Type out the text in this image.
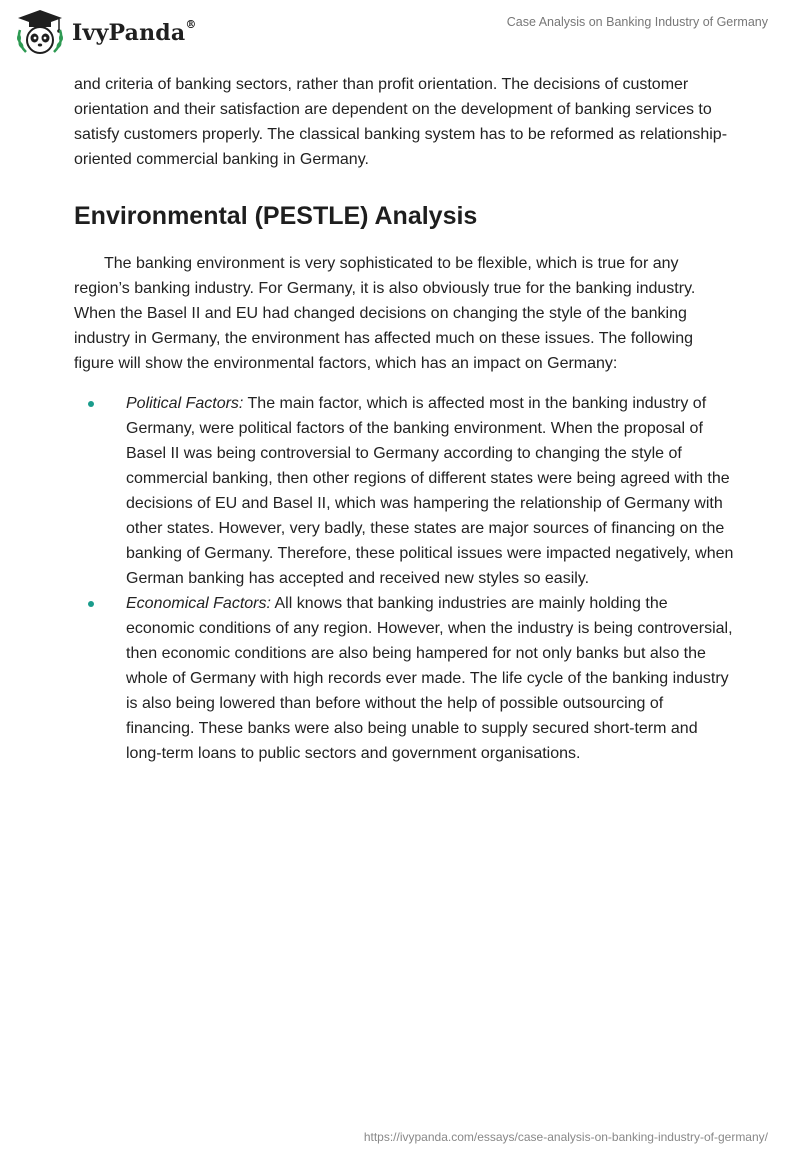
IvyPanda®	Case Analysis on Banking Industry of Germany

and criteria of banking sectors, rather than profit orientation. The decisions of customer orientation and their satisfaction are dependent on the development of banking services to satisfy customers properly. The classical banking system has to be reformed as relationship-oriented commercial banking in Germany.

Environmental (PESTLE) Analysis

The banking environment is very sophisticated to be flexible, which is true for any region’s banking industry. For Germany, it is also obviously true for the banking industry. When the Basel II and EU had changed decisions on changing the style of the banking industry in Germany, the environment has affected much on these issues. The following figure will show the environmental factors, which has an impact on Germany:

Political Factors: The main factor, which is affected most in the banking industry of Germany, were political factors of the banking environment. When the proposal of Basel II was being controversial to Germany according to changing the style of commercial banking, then other regions of different states were being agreed with the decisions of EU and Basel II, which was hampering the relationship of Germany with other states. However, very badly, these states are major sources of financing on the banking of Germany. Therefore, these political issues were impacted negatively, when German banking has accepted and received new styles so easily.
Economical Factors: All knows that banking industries are mainly holding the economic conditions of any region. However, when the industry is being controversial, then economic conditions are also being hampered for not only banks but also the whole of Germany with high records ever made. The life cycle of the banking industry is also being lowered than before without the help of possible outsourcing of financing. These banks were also being unable to supply secured short-term and long-term loans to public sectors and government organisations.
https://ivypanda.com/essays/case-analysis-on-banking-industry-of-germany/
